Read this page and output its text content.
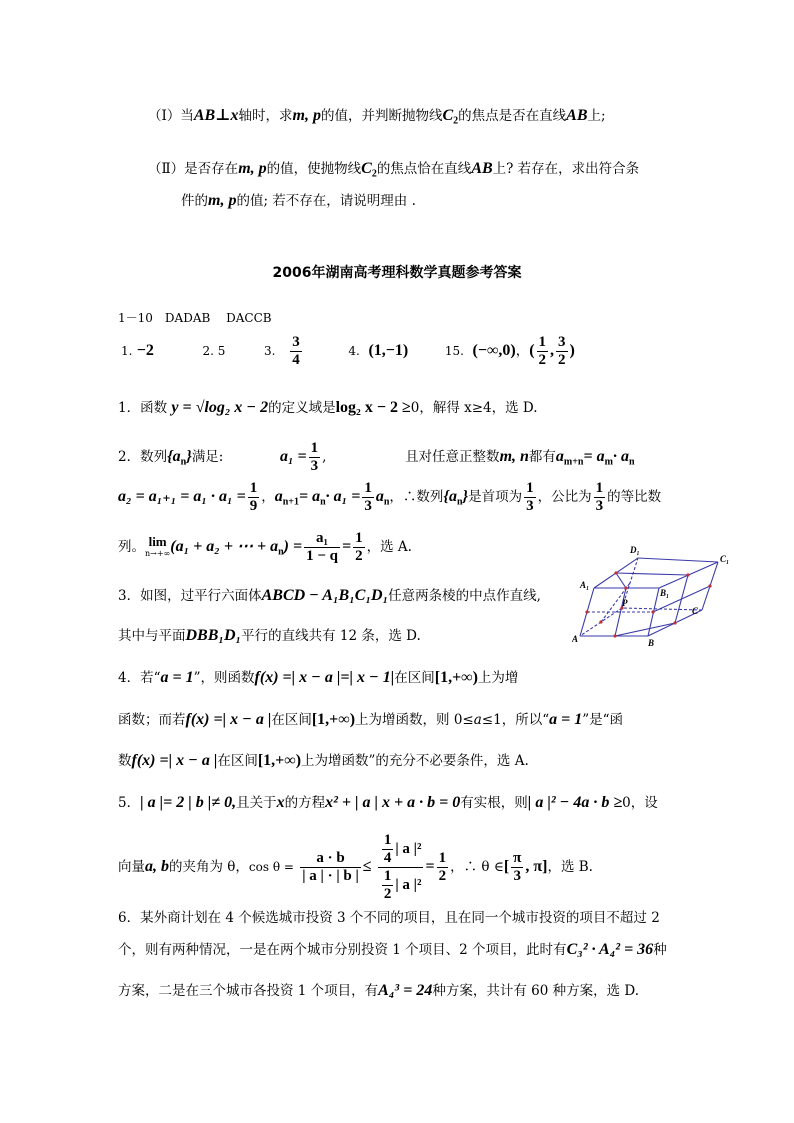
（Ⅰ）当AB⊥x轴时，求m, p的值，并判断抛物线$C_2$的焦点是否在直线AB上;
（Ⅱ）是否存在m, p的值，使抛物线$C_2$的焦点恰在直线AB上? 若存在，求出符合条
件的m, p的值; 若不存在，请说明理由 .
2006年湖南高考理科数学真题参考答案
1－10　DADAB　 DACCB
1. −2	2. 5	3. $\frac{3}{4}$	4. (1,−1)	15. (−∞,0)，( $\frac{1}{2}$ , $\frac{3}{2}$ )
1．函数 y = √log₂ x − 2的定义域是log₂ x − 2 ≥0，解得 x≥4，选 D.
2．数列$\{a_n\}$满足:	$a_1 = \frac{1}{3}$ ,	且对任意正整数m, n都有$a_{m+n}= a_m\cdot a_n$
$a_2 = a_{1+1} = a_1 \cdot a_1 = \frac{1}{9}$ ，$a_{n+1}= a_n\cdot a_1 = \frac{1}{3} a_n$，∴数列$\{a_n\}$是首项为 $\frac{1}{3}$ ，公比为 $\frac{1}{3}$ 的等比数
列。 lim
n→+∞ (a₁ + a₂ + ⋯ + $a_n) = \frac{\text{a₁}}{1 - q} = \frac{1}{2}$ ，选 A.
3．如图，过平行六面体ABCD − A₁B₁C₁D₁任意两条棱的中点作直线,
其中与平面DBB₁D₁平行的直线共有 12 条，选 D.
D₁
C₁
A₁
B₁
P
C
A	B
4．若“a = 1”，则函数f(x) =| x − a |=| x − 1|在区间[1,+∞)上为增
函数；而若f(x) =| x − a |在区间[1,+∞)上为增函数，则 0≤a≤1，所以“a = 1”是“函
数f(x) =| x − a |在区间[1,+∞)上为增函数”的充分不必要条件，选 A.
5．| a |= 2 | b |≠ 0,且关于x的方程x² + | a | x + a · b = 0有实根，则| a |² − 4a · b ≥0，设
向量a, b的夹角为 θ，$\cos \theta = \frac{a \cdot b}{| a | \cdot | b |} \le \frac{\frac{1}{4} | a |^2}{\frac{1}{2} | a |^2} = \frac{1}{2}$ ，∴ θ ∈[ $\frac{\pi}{3}$ , π]，选 B.
6．某外商计划在 4 个候选城市投资 3 个不同的项目，且在同一个城市投资的项目不超过 2
个，则有两种情况，一是在两个城市分别投资 1 个项目、2 个项目，此时有C₃² · A₄² = 36种
方案，二是在三个城市各投资 1 个项目，有A₄³ = 24种方案，共计有 60 种方案，选 D.
